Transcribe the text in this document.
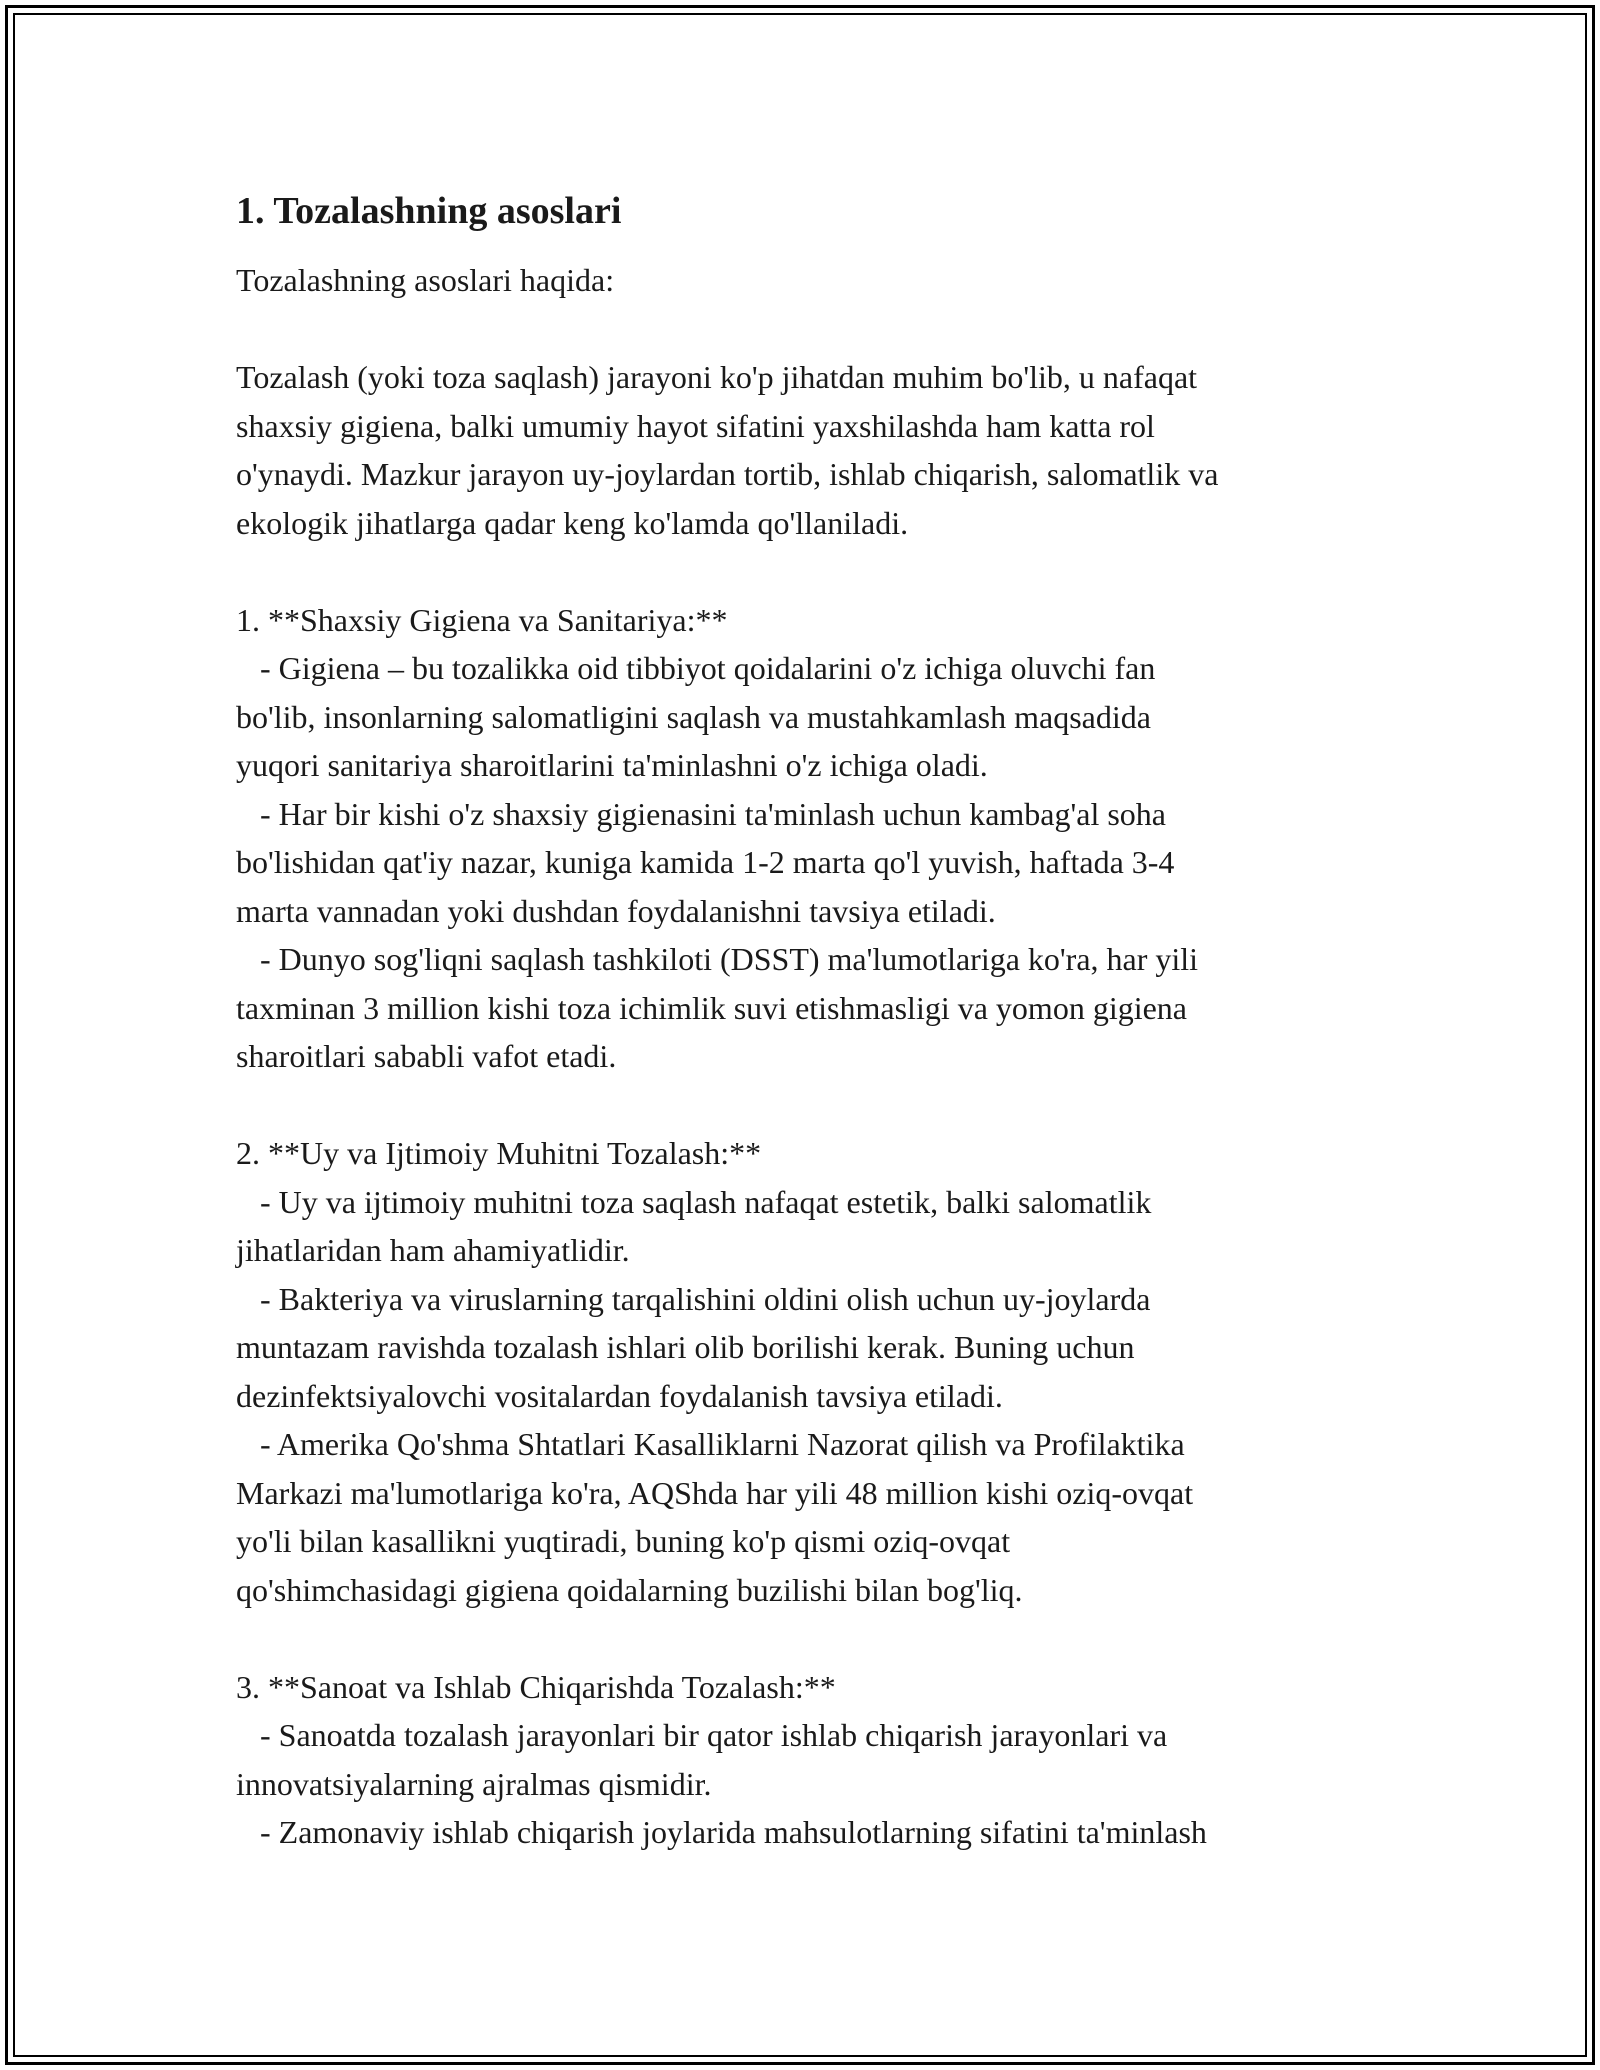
1. Tozalashning asoslari

Tozalashning asoslari haqida:

Tozalash (yoki toza saqlash) jarayoni ko'p jihatdan muhim bo'lib, u nafaqat
shaxsiy gigiena, balki umumiy hayot sifatini yaxshilashda ham katta rol
o'ynaydi. Mazkur jarayon uy-joylardan tortib, ishlab chiqarish, salomatlik va
ekologik jihatlarga qadar keng ko'lamda qo'llaniladi.

1. **Shaxsiy Gigiena va Sanitariya:**
- Gigiena – bu tozalikka oid tibbiyot qoidalarini o'z ichiga oluvchi fan
bo'lib, insonlarning salomatligini saqlash va mustahkamlash maqsadida
yuqori sanitariya sharoitlarini ta'minlashni o'z ichiga oladi.
- Har bir kishi o'z shaxsiy gigienasini ta'minlash uchun kambag'al soha
bo'lishidan qat'iy nazar, kuniga kamida 1-2 marta qo'l yuvish, haftada 3-4
marta vannadan yoki dushdan foydalanishni tavsiya etiladi.
- Dunyo sog'liqni saqlash tashkiloti (DSST) ma'lumotlariga ko'ra, har yili
taxminan 3 million kishi toza ichimlik suvi etishmasligi va yomon gigiena
sharoitlari sababli vafot etadi.

2. **Uy va Ijtimoiy Muhitni Tozalash:**
- Uy va ijtimoiy muhitni toza saqlash nafaqat estetik, balki salomatlik
jihatlaridan ham ahamiyatlidir.
- Bakteriya va viruslarning tarqalishini oldini olish uchun uy-joylarda
muntazam ravishda tozalash ishlari olib borilishi kerak. Buning uchun
dezinfektsiyalovchi vositalardan foydalanish tavsiya etiladi.
- Amerika Qo'shma Shtatlari Kasalliklarni Nazorat qilish va Profilaktika
Markazi ma'lumotlariga ko'ra, AQShda har yili 48 million kishi oziq-ovqat
yo'li bilan kasallikni yuqtiradi, buning ko'p qismi oziq-ovqat
qo'shimchasidagi gigiena qoidalarning buzilishi bilan bog'liq.

3. **Sanoat va Ishlab Chiqarishda Tozalash:**
- Sanoatda tozalash jarayonlari bir qator ishlab chiqarish jarayonlari va
innovatsiyalarning ajralmas qismidir.
- Zamonaviy ishlab chiqarish joylarida mahsulotlarning sifatini ta'minlash
